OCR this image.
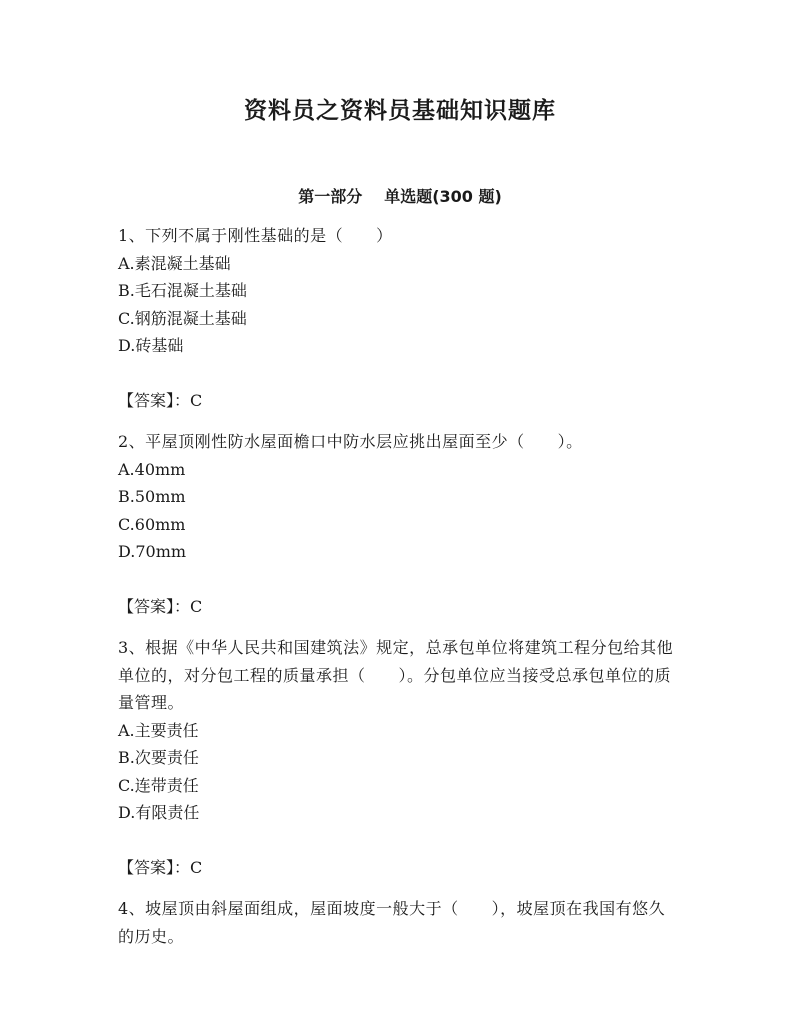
资料员之资料员基础知识题库
第一部分 单选题(300 题)

1、下列不属于刚性基础的是（　　）

A.素混凝土基础

B.毛石混凝土基础

C.钢筋混凝土基础

D.砖基础

【答案】：C

2、平屋顶刚性防水屋面檐口中防水层应挑出屋面至少（　　）。

A.40mm

B.50mm

C.60mm

D.70mm

【答案】：C

3、根据《中华人民共和国建筑法》规定，总承包单位将建筑工程分包给其他单位的，对分包工程的质量承担（　　）。分包单位应当接受总承包单位的质量管理。

A.主要责任

B.次要责任

C.连带责任

D.有限责任

【答案】：C

4、坡屋顶由斜屋面组成，屋面坡度一般大于（　　），坡屋顶在我国有悠久的历史。
